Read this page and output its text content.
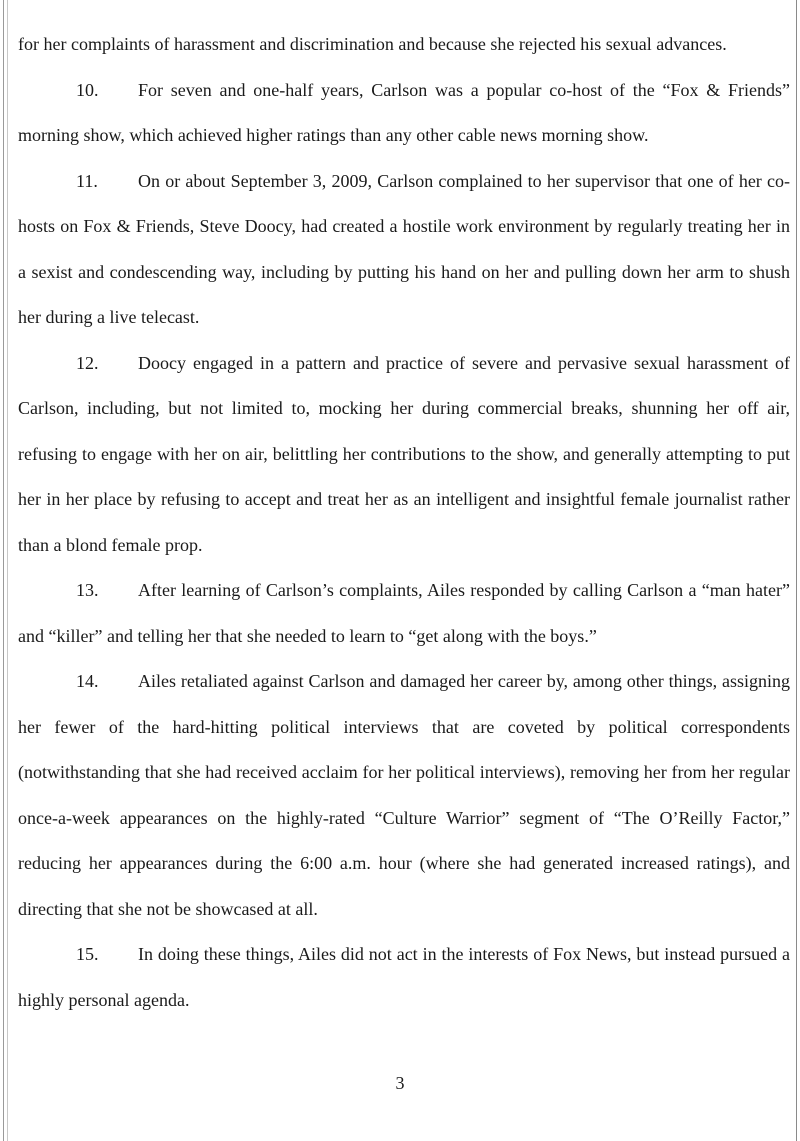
for her complaints of harassment and discrimination and because she rejected his sexual advances.

10. For seven and one-half years, Carlson was a popular co-host of the “Fox & Friends” morning show, which achieved higher ratings than any other cable news morning show.

11. On or about September 3, 2009, Carlson complained to her supervisor that one of her co-hosts on Fox & Friends, Steve Doocy, had created a hostile work environment by regularly treating her in a sexist and condescending way, including by putting his hand on her and pulling down her arm to shush her during a live telecast.

12. Doocy engaged in a pattern and practice of severe and pervasive sexual harassment of Carlson, including, but not limited to, mocking her during commercial breaks, shunning her off air, refusing to engage with her on air, belittling her contributions to the show, and generally attempting to put her in her place by refusing to accept and treat her as an intelligent and insightful female journalist rather than a blond female prop.

13. After learning of Carlson’s complaints, Ailes responded by calling Carlson a “man hater” and “killer” and telling her that she needed to learn to “get along with the boys.”

14. Ailes retaliated against Carlson and damaged her career by, among other things, assigning her fewer of the hard-hitting political interviews that are coveted by political correspondents (notwithstanding that she had received acclaim for her political interviews), removing her from her regular once-a-week appearances on the highly-rated “Culture Warrior” segment of “The O’Reilly Factor,” reducing her appearances during the 6:00 a.m. hour (where she had generated increased ratings), and directing that she not be showcased at all.

15. In doing these things, Ailes did not act in the interests of Fox News, but instead pursued a highly personal agenda.

3
